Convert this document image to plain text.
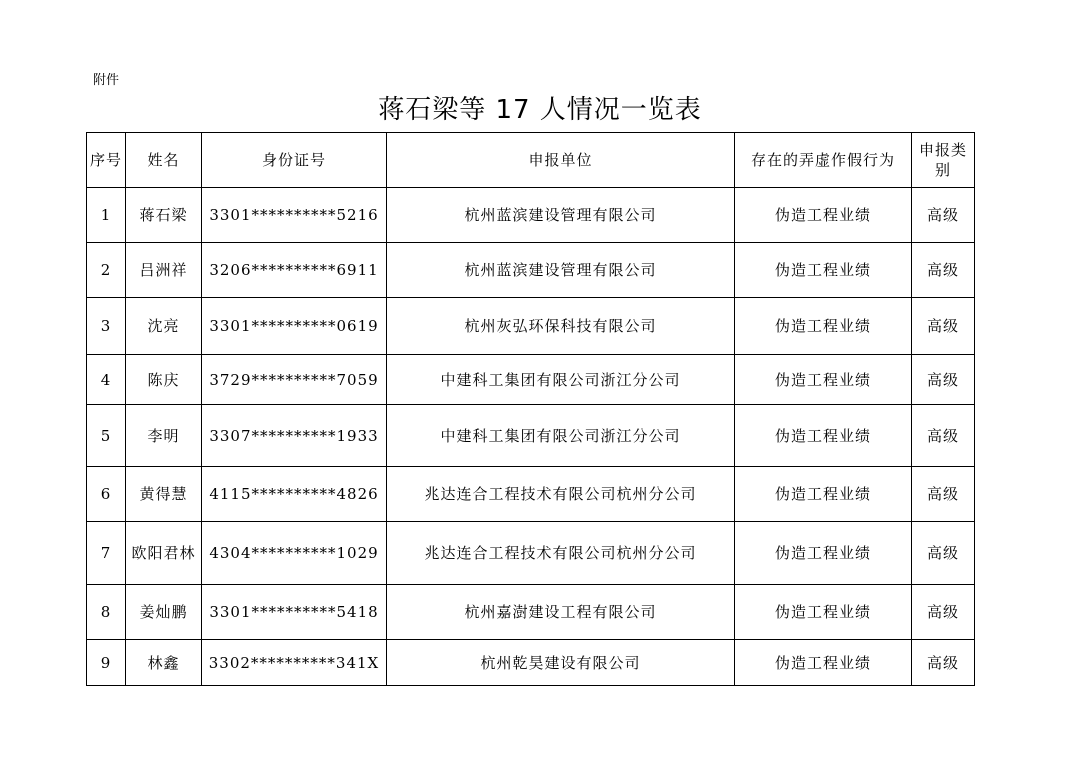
附件
蒋石梁等 17 人情况一览表
序号	姓名	身份证号	申报单位	存在的弄虚作假行为	申报类别
1	蒋石梁	3301**********5216	杭州蓝滨建设管理有限公司	伪造工程业绩	高级
2	吕洲祥	3206**********6911	杭州蓝滨建设管理有限公司	伪造工程业绩	高级
3	沈亮	3301**********0619	杭州灰弘环保科技有限公司	伪造工程业绩	高级
4	陈庆	3729**********7059	中建科工集团有限公司浙江分公司	伪造工程业绩	高级
5	李明	3307**********1933	中建科工集团有限公司浙江分公司	伪造工程业绩	高级
6	黄得慧	4115**********4826	兆达连合工程技术有限公司杭州分公司	伪造工程业绩	高级
7	欧阳君林	4304**********1029	兆达连合工程技术有限公司杭州分公司	伪造工程业绩	高级
8	姜灿鹏	3301**********5418	杭州嘉澍建设工程有限公司	伪造工程业绩	高级
9	林鑫	3302**********341X	杭州乾昊建设有限公司	伪造工程业绩	高级
